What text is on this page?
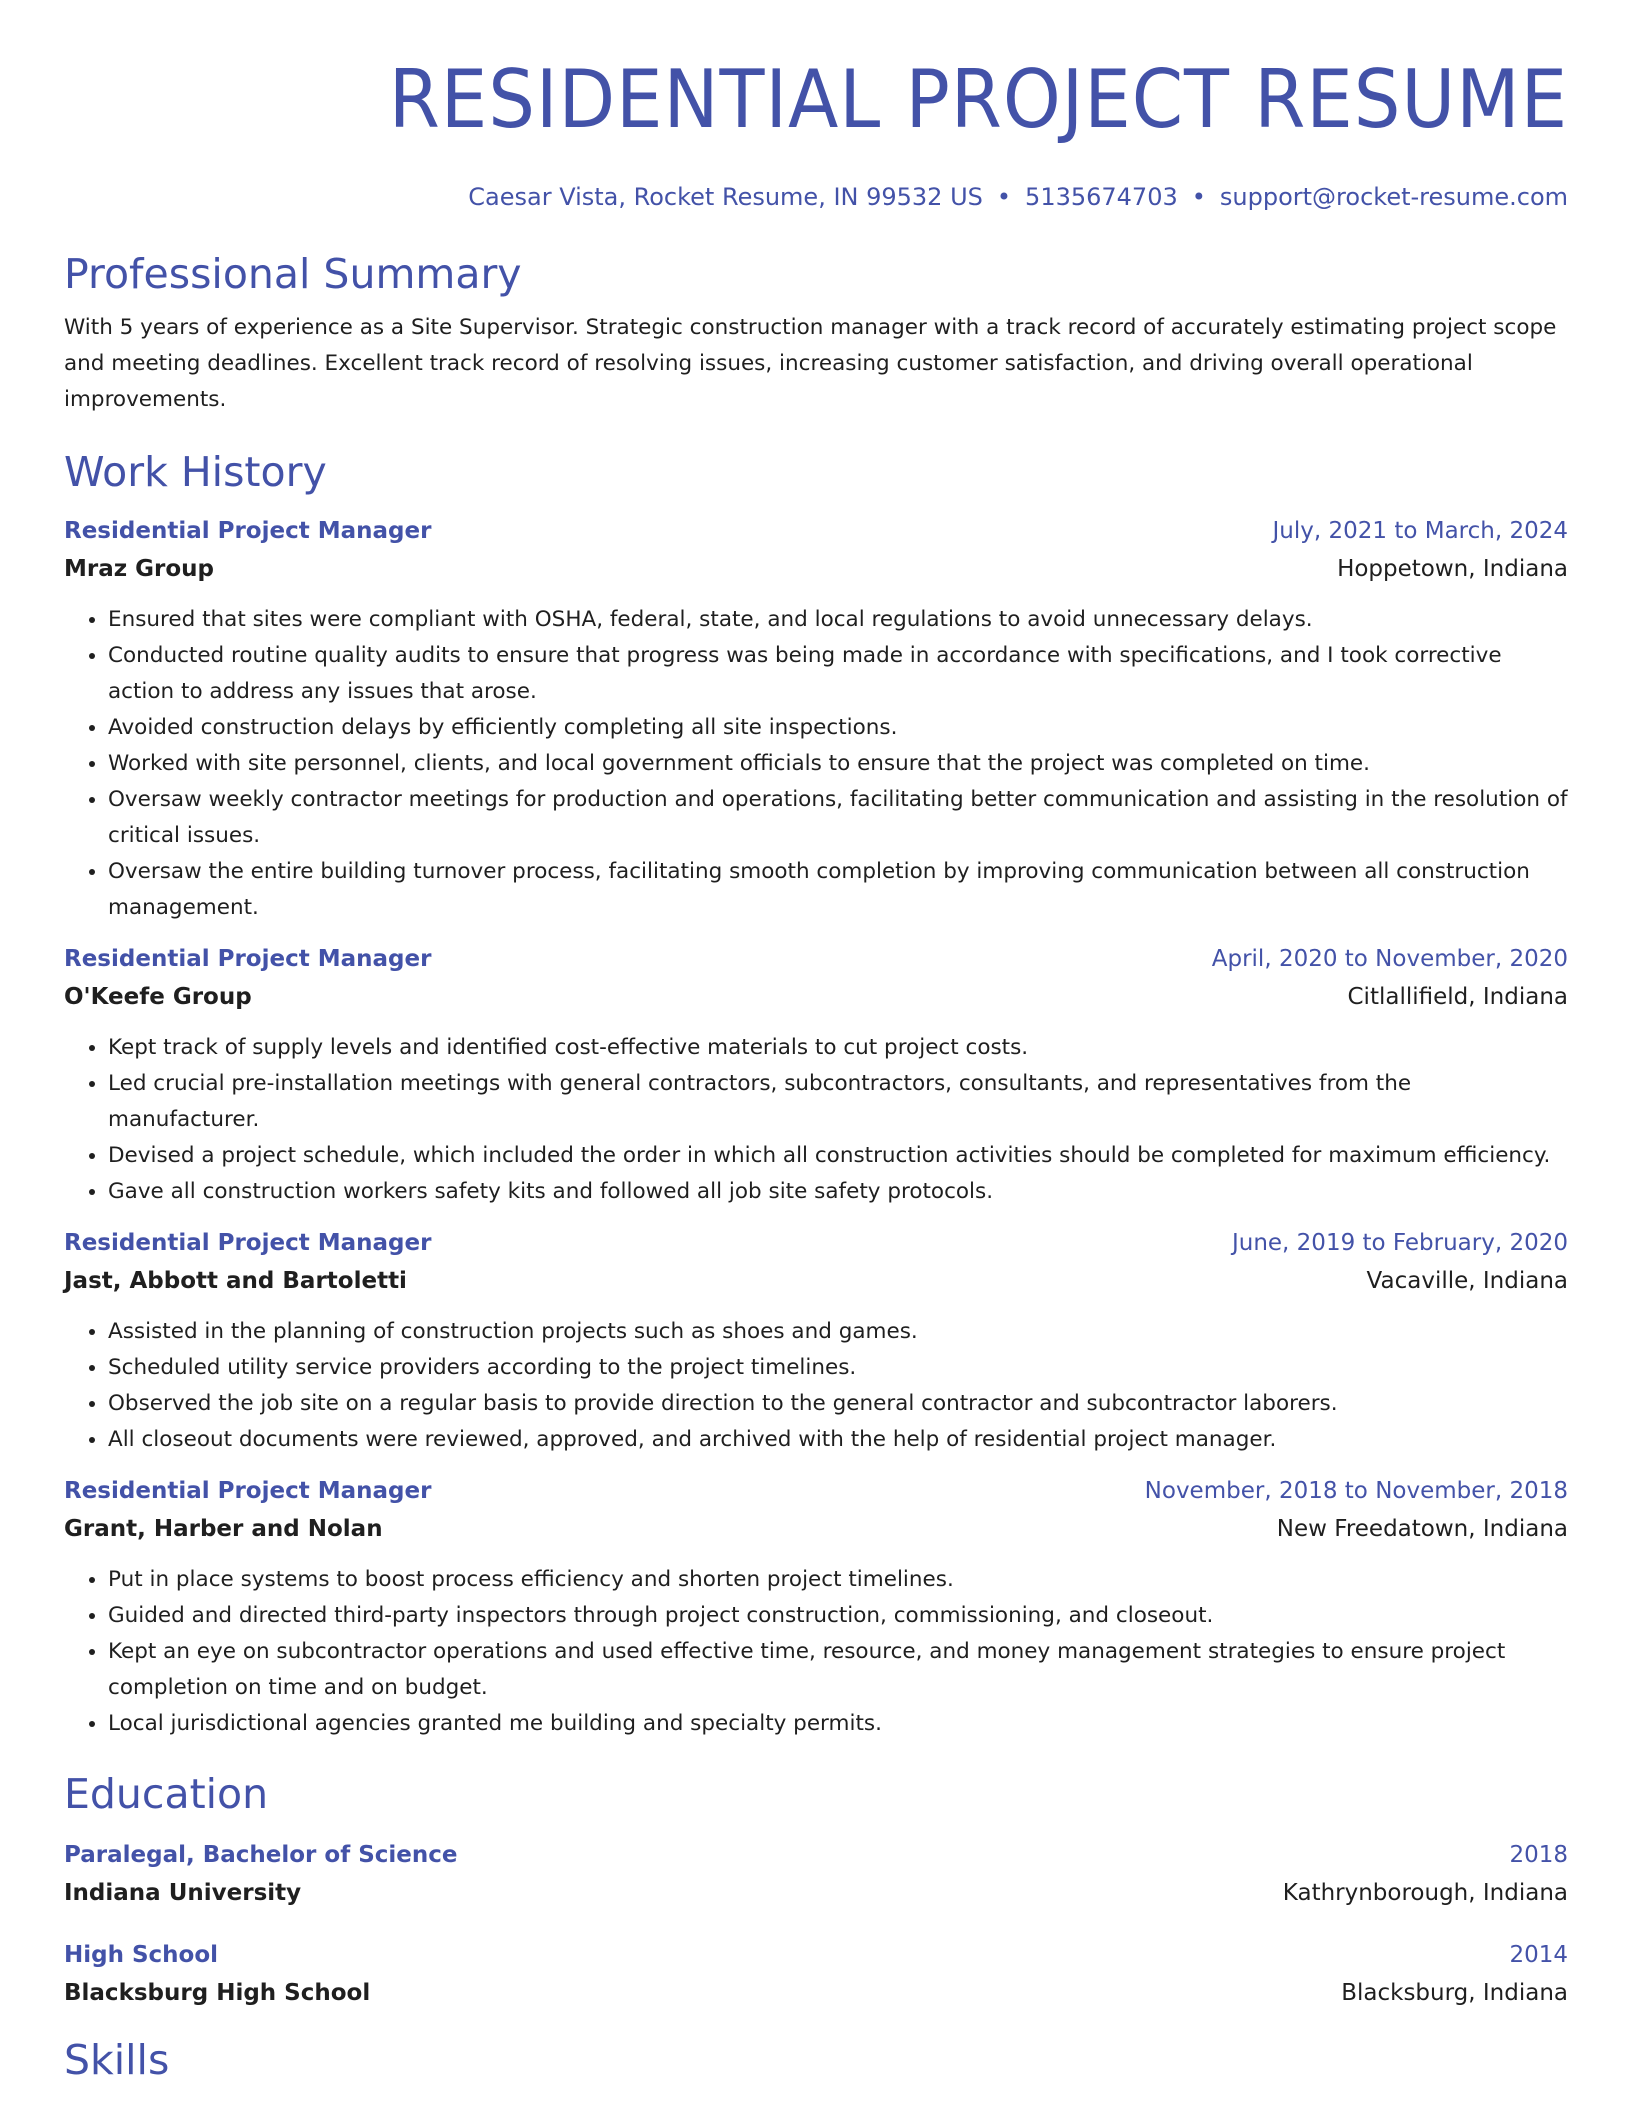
RESIDENTIAL PROJECT RESUME
Caesar Vista, Rocket Resume, IN 99532 US • 5135674703 • support@rocket-resume.com
Professional Summary
With 5 years of experience as a Site Supervisor. Strategic construction manager with a track record of accurately estimating project scope and meeting deadlines. Excellent track record of resolving issues, increasing customer satisfaction, and driving overall operational improvements.
Work History
Residential Project Manager	July, 2021 to March, 2024
Mraz Group	Hoppetown, Indiana
• Ensured that sites were compliant with OSHA, federal, state, and local regulations to avoid unnecessary delays.
• Conducted routine quality audits to ensure that progress was being made in accordance with specifications, and I took corrective action to address any issues that arose.
• Avoided construction delays by efficiently completing all site inspections.
• Worked with site personnel, clients, and local government officials to ensure that the project was completed on time.
• Oversaw weekly contractor meetings for production and operations, facilitating better communication and assisting in the resolution of critical issues.
• Oversaw the entire building turnover process, facilitating smooth completion by improving communication between all construction management.
Residential Project Manager	April, 2020 to November, 2020
O'Keefe Group	Citlallifield, Indiana
• Kept track of supply levels and identified cost-effective materials to cut project costs.
• Led crucial pre-installation meetings with general contractors, subcontractors, consultants, and representatives from the manufacturer.
• Devised a project schedule, which included the order in which all construction activities should be completed for maximum efficiency.
• Gave all construction workers safety kits and followed all job site safety protocols.
Residential Project Manager	June, 2019 to February, 2020
Jast, Abbott and Bartoletti	Vacaville, Indiana
• Assisted in the planning of construction projects such as shoes and games.
• Scheduled utility service providers according to the project timelines.
• Observed the job site on a regular basis to provide direction to the general contractor and subcontractor laborers.
• All closeout documents were reviewed, approved, and archived with the help of residential project manager.
Residential Project Manager	November, 2018 to November, 2018
Grant, Harber and Nolan	New Freedatown, Indiana
• Put in place systems to boost process efficiency and shorten project timelines.
• Guided and directed third-party inspectors through project construction, commissioning, and closeout.
• Kept an eye on subcontractor operations and used effective time, resource, and money management strategies to ensure project completion on time and on budget.
• Local jurisdictional agencies granted me building and specialty permits.
Education
Paralegal, Bachelor of Science	2018
Indiana University	Kathrynborough, Indiana
High School	2014
Blacksburg High School	Blacksburg, Indiana
Skills
